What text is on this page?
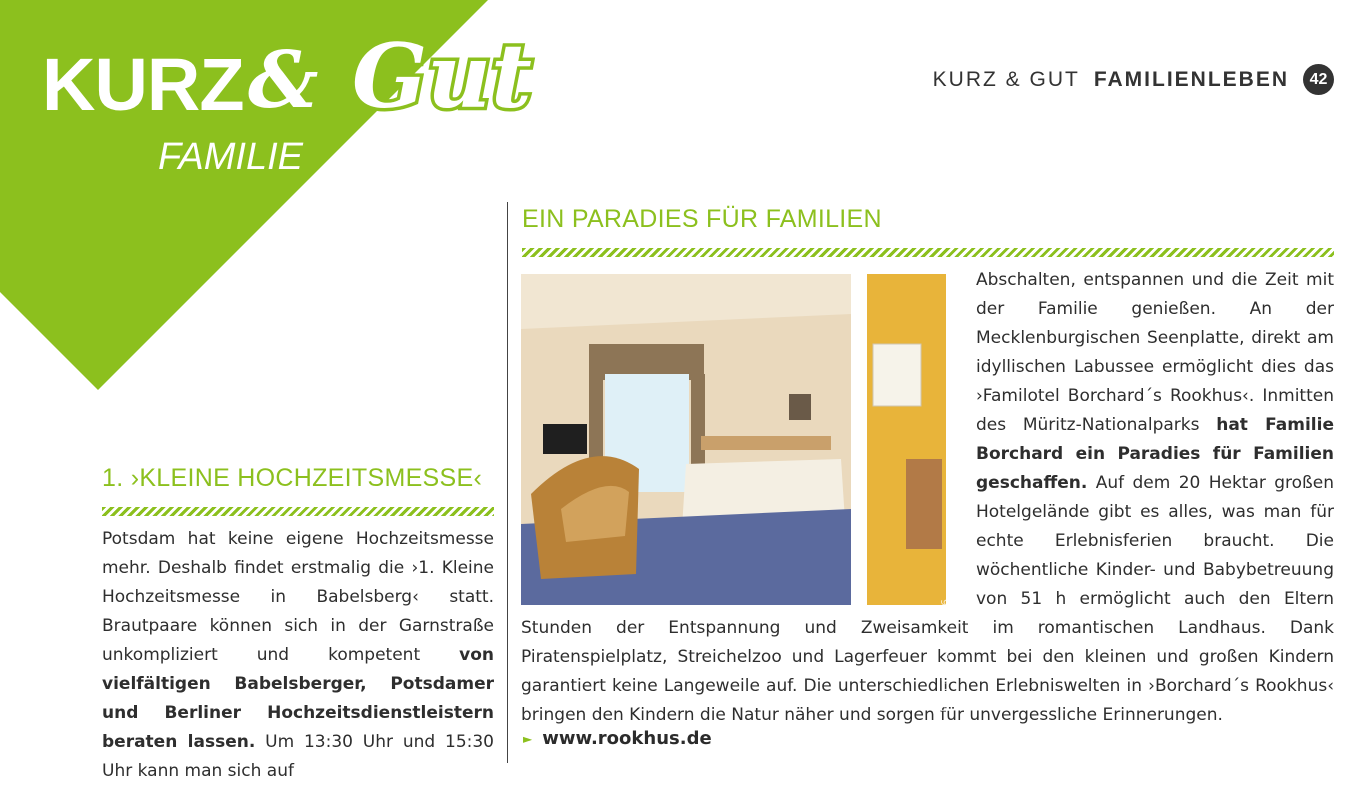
KURZ & Gut
FAMILIE
KURZ & GUT FAMILIENLEBEN	42
1. ›KLEINE HOCHZEITSMESSE‹

Potsdam hat keine eigene Hochzeitsmesse mehr. Deshalb findet erstmalig die ›1. Kleine Hochzeitsmesse in Babelsberg‹ statt. Brautpaare können sich in der Garnstraße unkompliziert und kompetent von vielfältigen Babelsberger, Potsdamer und Berliner Hochzeitsdienstleistern beraten lassen. Um 13:30 Uhr und 15:30 Uhr kann man sich auf

EIN PARADIES FÜR FAMILIEN
Foto © joerg-ft 2016
Abschalten, entspannen und die Zeit mit der Familie genießen. An der Mecklenburgischen Seenplatte, direkt am idyllischen Labussee ermöglicht dies das ›Familotel Borchard´s Rookhus‹. Inmitten des Müritz-Nationalparks hat Familie Borchard ein Paradies für Familien geschaffen. Auf dem 20 Hektar großen Hotelgelände gibt es alles, was man für echte Erlebnisferien braucht. Die wöchentliche Kinder- und Babybetreuung von 51 h ermöglicht auch den Eltern Stunden der Entspannung und Zweisamkeit im romantischen Landhaus. Dank Piratenspielplatz, Streichelzoo und Lagerfeuer kommt bei den kleinen und großen Kindern garantiert keine Langeweile auf. Die unterschiedlichen Erlebniswelten in ›Borchard´s Rookhus‹ bringen den Kindern die Natur näher und sorgen für unvergessliche Erinnerungen.
► www.rookhus.de
